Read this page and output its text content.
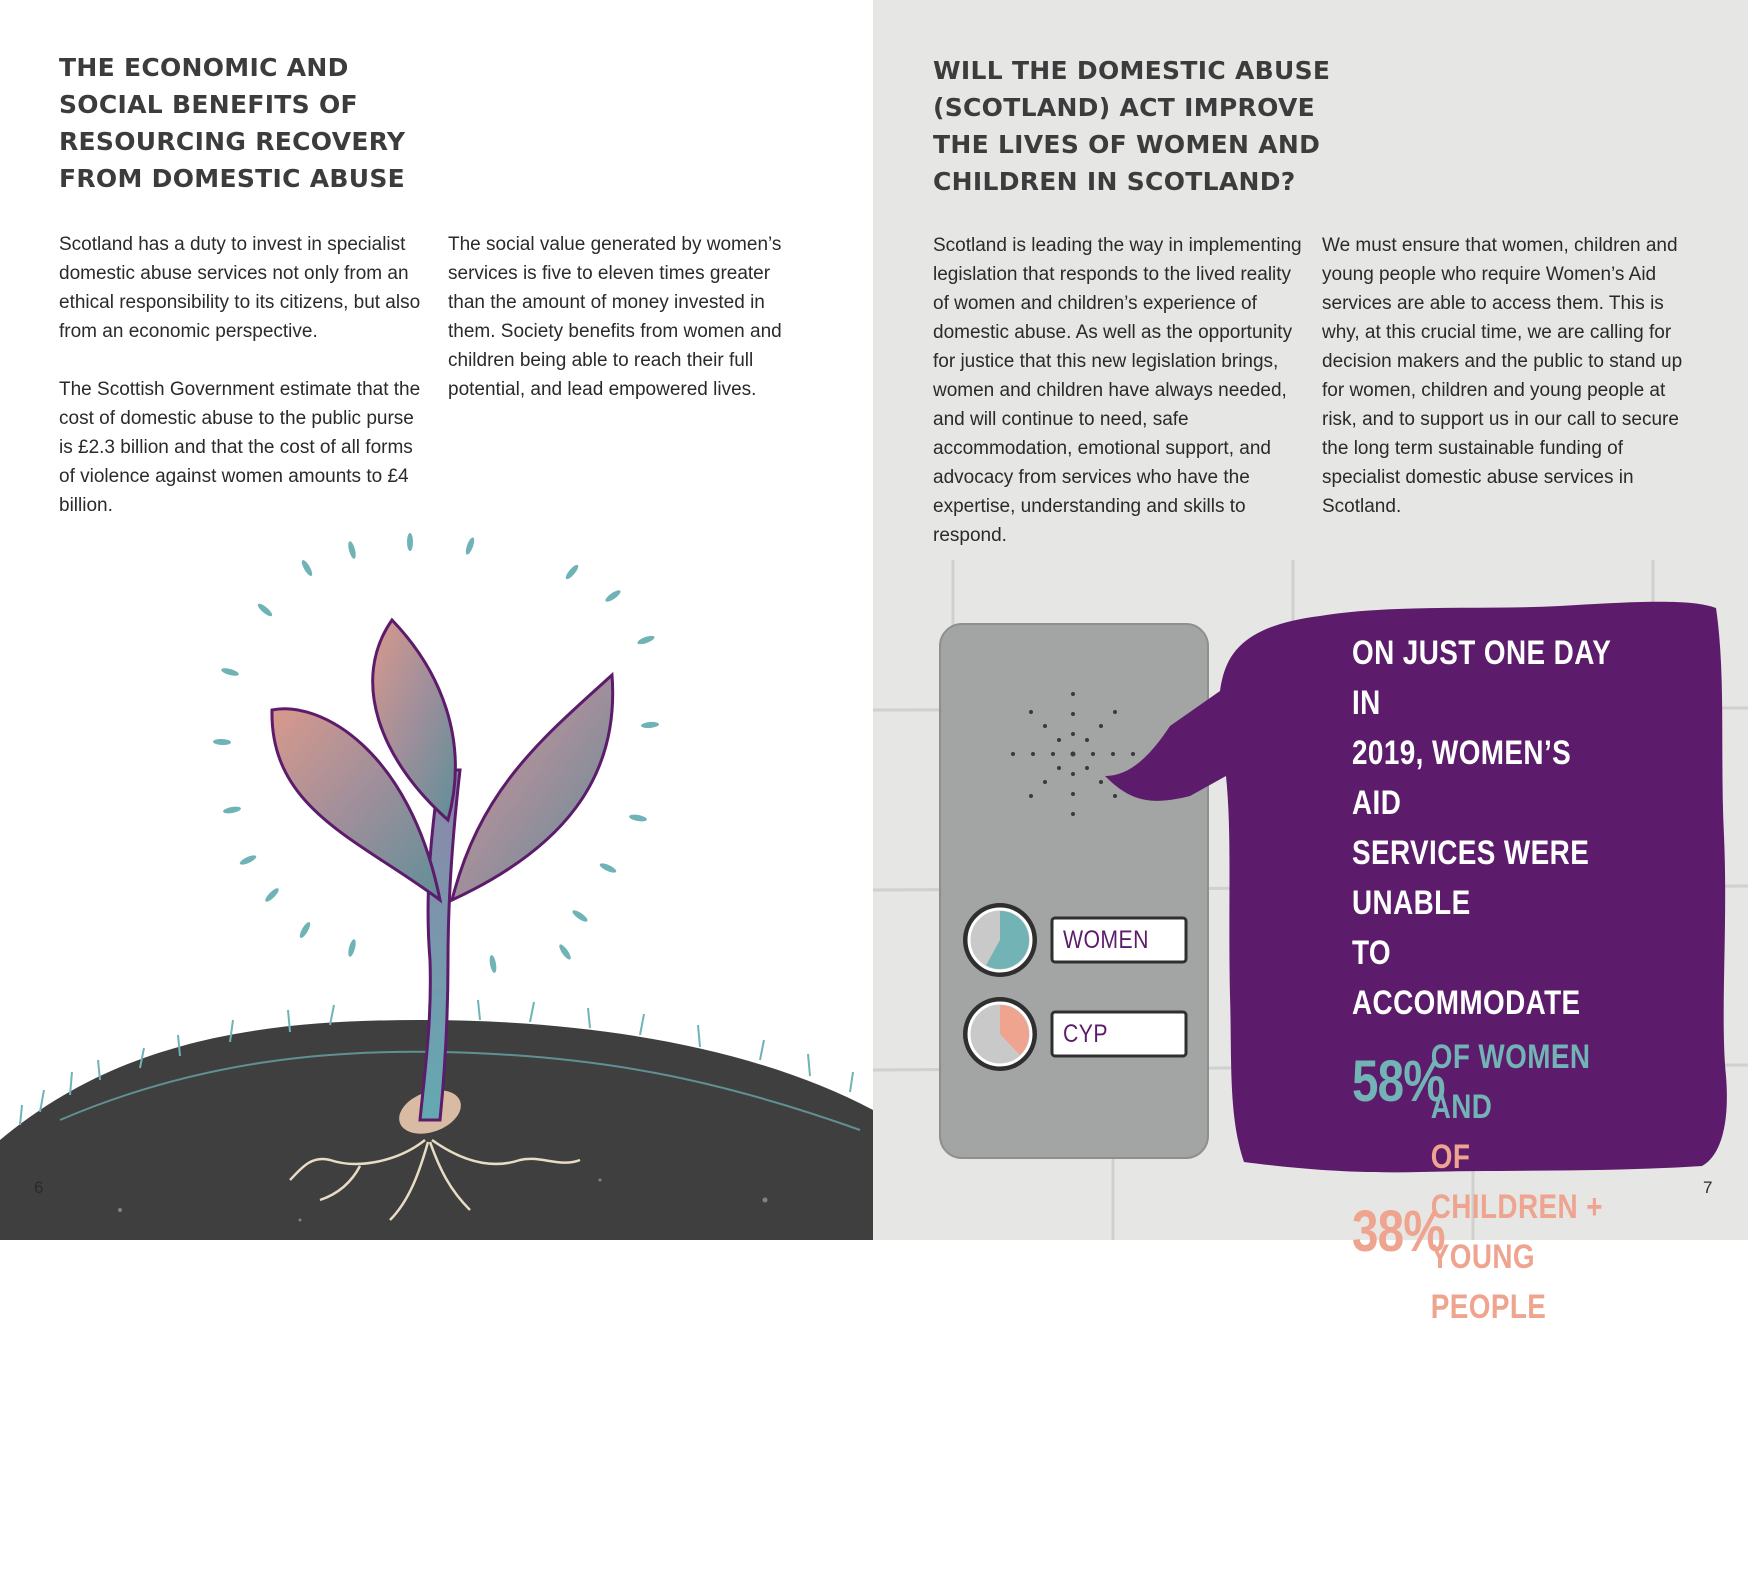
THE ECONOMIC AND
SOCIAL BENEFITS OF
RESOURCING RECOVERY
FROM DOMESTIC ABUSE

Scotland has a duty to invest in specialist domestic abuse services not only from an ethical responsibility to its citizens, but also from an economic perspective.

The Scottish Government estimate that the cost of domestic abuse to the public purse is £2.3 billion and that the cost of all forms of violence against women amounts to £4 billion.

The social value generated by women’s services is five to eleven times greater than the amount of money invested in them. Society benefits from women and children being able to reach their full potential, and lead empowered lives.

6
WILL THE DOMESTIC ABUSE
(SCOTLAND) ACT IMPROVE
THE LIVES OF WOMEN AND
CHILDREN IN SCOTLAND?

Scotland is leading the way in implementing legislation that responds to the lived reality of women and children’s experience of domestic abuse. As well as the opportunity for justice that this new legislation brings, women and children have always needed, and will continue to need, safe accommodation, emotional support, and advocacy from services who have the expertise, understanding and skills to respond.

We must ensure that women, children and young people who require Women’s Aid services are able to access them. This is why, at this crucial time, we are calling for decision makers and the public to stand up for women, children and young people at risk, and to support us in our call to secure the long term sustainable funding of specialist domestic abuse services in Scotland.

7
WOMEN
CYP
ON JUST ONE DAY IN
2019, WOMEN’S AID
SERVICES WERE UNABLE
TO ACCOMMODATE
58%
OF WOMEN AND
38%
OF CHILDREN +
YOUNG PEOPLE
WHO REQUESTED
REFUGE DUE TO LACK
OF AVAILABLE SPACE
